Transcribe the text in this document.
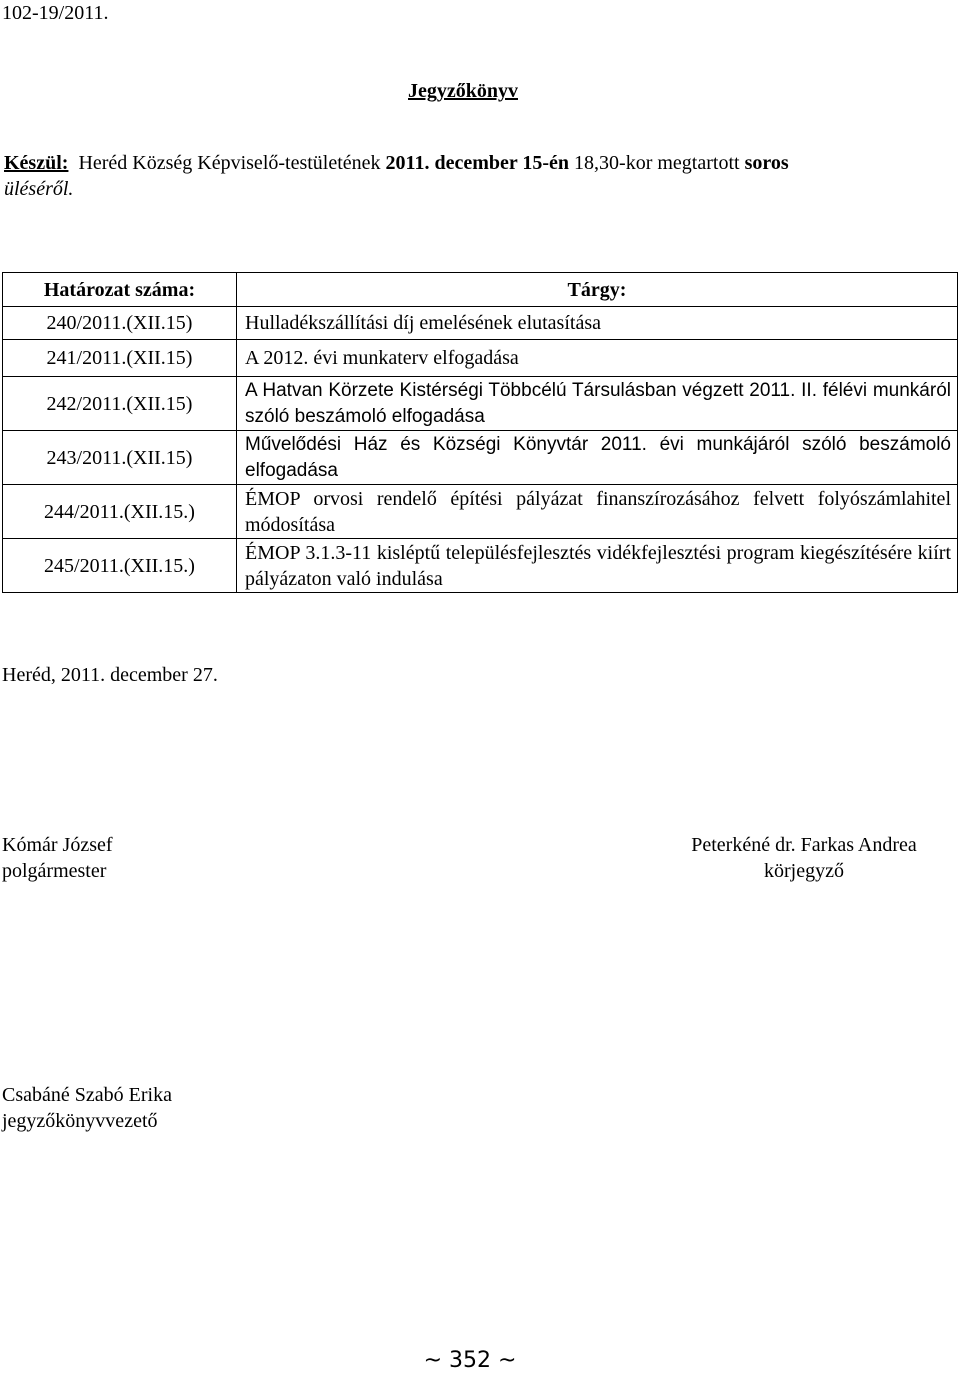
102-19/2011.
Jegyzőkönyv
Készül: Heréd Község Képviselő-testületének 2011. december 15-én 18,30-kor megtartott soros
üléséről.
Határozat száma:	Tárgy:
240/2011.(XII.15)	Hulladékszállítási díj emelésének elutasítása
241/2011.(XII.15)	A 2012. évi munkaterv elfogadása
242/2011.(XII.15)	A Hatvan Körzete Kistérségi Többcélú Társulásban végzett 2011. II. félévi munkáról szóló beszámoló elfogadása
243/2011.(XII.15)	Művelődési Ház és Községi Könyvtár 2011. évi munkájáról szóló beszámoló elfogadása
244/2011.(XII.15.)	ÉMOP orvosi rendelő építési pályázat finanszírozásához felvett folyószámlahitel módosítása
245/2011.(XII.15.)	ÉMOP 3.1.3-11 kisléptű településfejlesztés vidékfejlesztési program kiegészítésére kiírt pályázaton való indulása
Heréd, 2011. december 27.
Kómár József
polgármester
Peterkéné dr. Farkas Andrea
körjegyző
Csabáné Szabó Erika
jegyzőkönyvvezető
~ 352 ~
